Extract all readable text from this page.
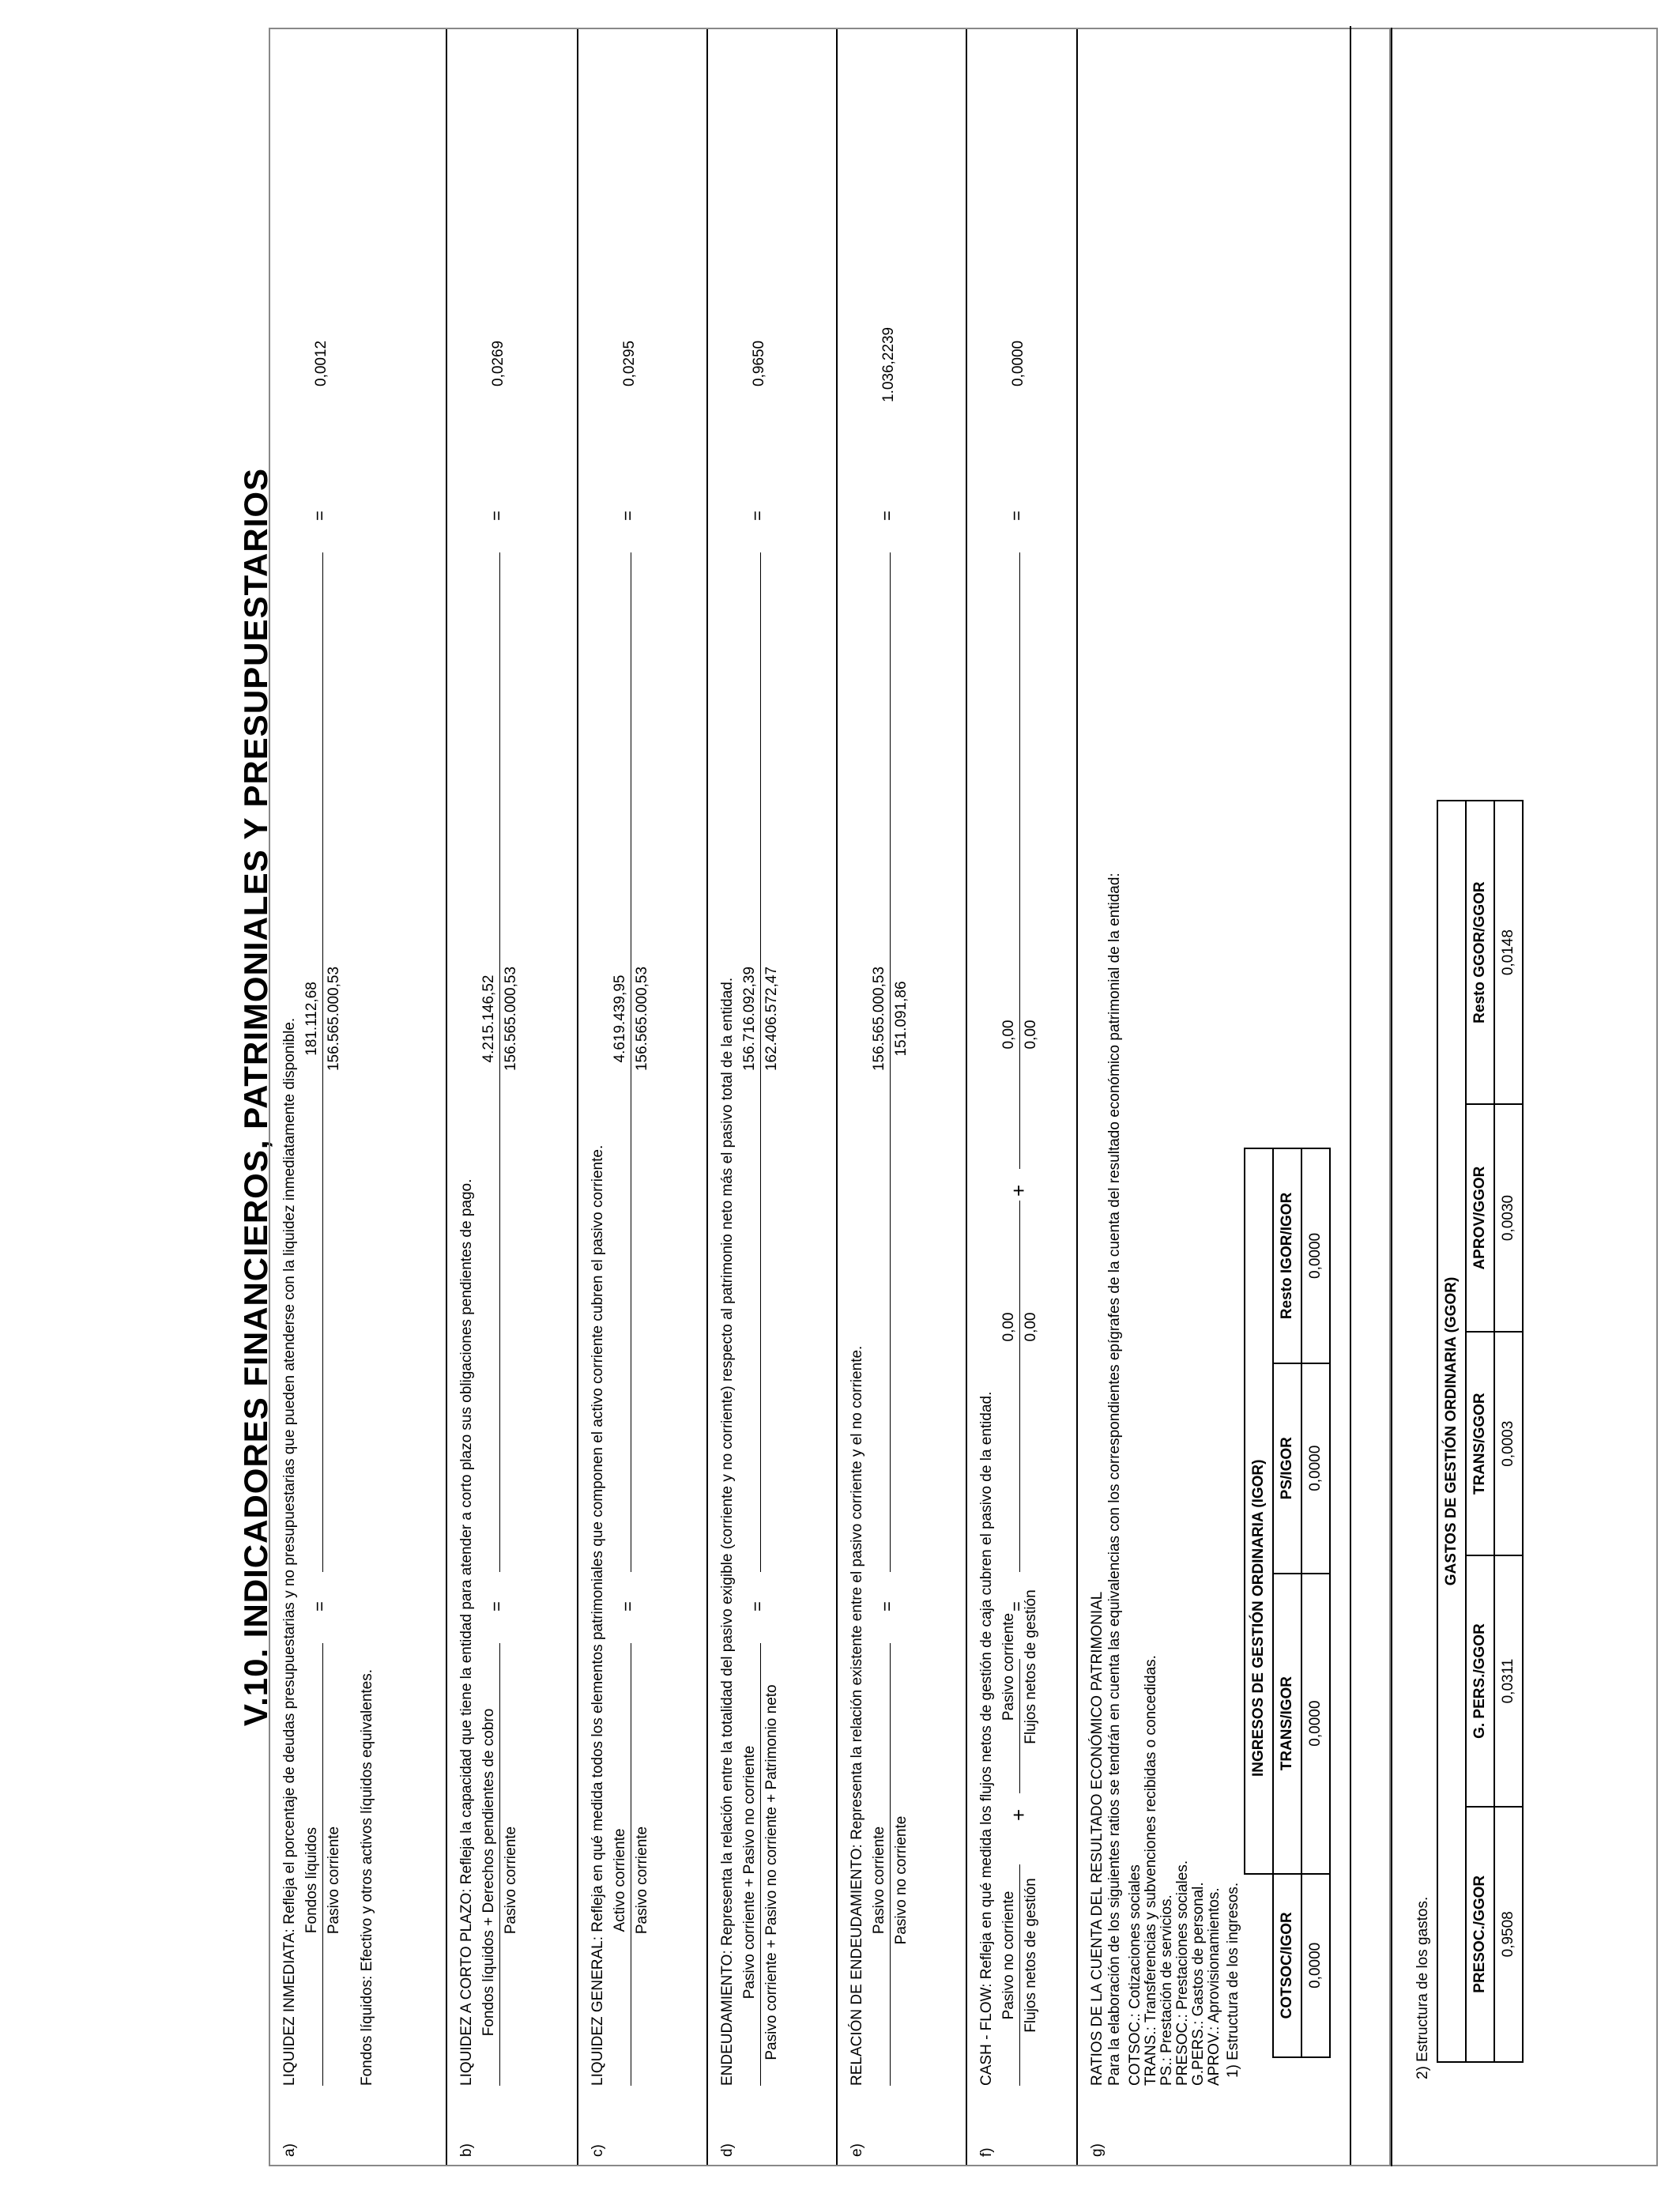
V.10. INDICADORES FINANCIEROS, PATRIMONIALES Y PRESUPUESTARIOS
a)
LIQUIDEZ INMEDIATA: Refleja el porcentaje de deudas presupuestarias y no presupuestarias que pueden atenderse con la liquidez inmediatamente disponible. Fondos líquidos Pasivo corriente
=
181.112,68 156.565.000,53
=
0,0012
Fondos líquidos: Efectivo y otros activos líquidos equivalentes.
b)
LIQUIDEZ A CORTO PLAZO: Refleja la capacidad que tiene la entidad para atender a corto plazo sus obligaciones pendientes de pago. Fondos líquidos + Derechos pendientes de cobro Pasivo corriente
=
4.215.146,52 156.565.000,53
=
0,0269
c)
LIQUIDEZ GENERAL: Refleja en qué medida todos los elementos patrimoniales que componen el activo corriente cubren el pasivo corriente. Activo corriente Pasivo corriente
=
4.619.439,95 156.565.000,53
=
0,0295
d)
ENDEUDAMIENTO: Representa la relación entre la totalidad del pasivo exigible (corriente y no corriente) respecto al patrimonio neto más el pasivo total de la entidad. Pasivo corriente + Pasivo no corriente Pasivo corriente + Pasivo no corriente + Patrimonio neto
=
156.716.092,39 162.406.572,47
=
0,9650
e)
RELACIÓN DE ENDEUDAMIENTO: Representa la relación existente entre el pasivo corriente y el no corriente. Pasivo corriente Pasivo no corriente
=
156.565.000,53 151.091,86
=
1.036,2239
f)
CASH - FLOW: Refleja en qué medida los flujos netos de gestión de caja cubren el pasivo de la entidad. Pasivo no corriente Flujos netos de gestión
+
Pasivo corriente Flujos netos de gestión
=
0,00 0,00
+
0,00 0,00
=
0,0000
g)
RATIOS DE LA CUENTA DEL RESULTADO ECONÓMICO PATRIMONIAL Para la elaboración de los siguientes ratios se tendrán en cuenta las equivalencias con los correspondientes epígrafes de la cuenta del resultado económico patrimonial de la entidad: COTSOC.: Cotizaciones sociales TRANS.: Transferencias y subvenciones recibidas o concedidas. PS.: Prestación de servicios. PRESOC.: Prestaciones sociales. G.PERS.: Gastos de personal. APROV.: Aprovisionamientos. 1) Estructura de los ingresos.
	INGRESOS DE GESTIÓN ORDINARIA (IGOR)		
COTSOC/IGOR	TRANS/IGOR	PS/IGOR	Resto IGOR/IGOR
0,0000	0,0000	0,0000	0,0000
2) Estructura de los gastos.
GASTOS DE GESTIÓN ORDINARIA (GGOR)				
PRESOC./GGOR	G. PERS./GGOR	TRANS/GGOR	APROV/GGOR	Resto GGOR/GGOR
0,9508	0,0311	0,0003	0,0030	0,0148
